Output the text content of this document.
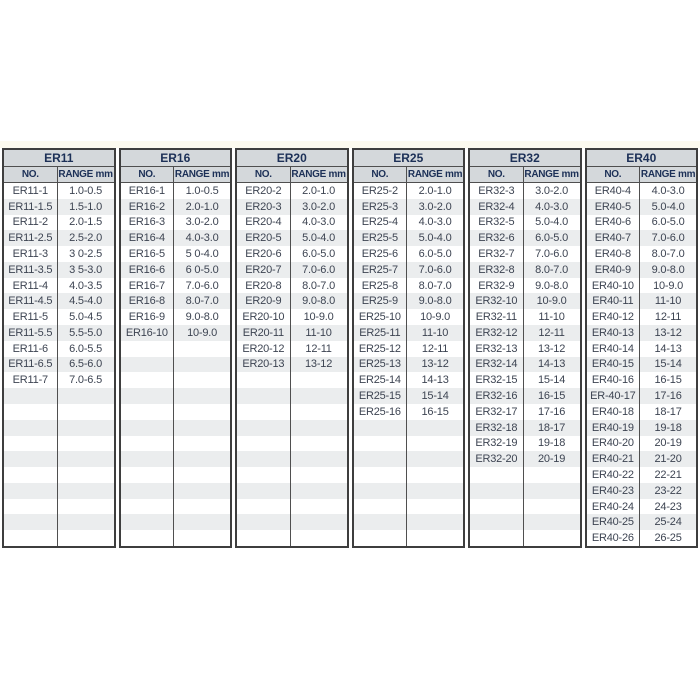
ER11
NO.	RANGE mm
ER11-1	1.0-0.5
ER11-1.5	1.5-1.0
ER11-2	2.0-1.5
ER11-2.5	2.5-2.0
ER11-3	3 0-2.5
ER11-3.5	3 5-3.0
ER11-4	4.0-3.5
ER11-4.5	4.5-4.0
ER11-5	5.0-4.5
ER11-5.5	5.5-5.0
ER11-6	6.0-5.5
ER11-6.5	6.5-6.0
ER11-7	7.0-6.5
ER16
NO.	RANGE mm
ER16-1	1.0-0.5
ER16-2	2.0-1.0
ER16-3	3.0-2.0
ER16-4	4.0-3.0
ER16-5	5 0-4.0
ER16-6	6 0-5.0
ER16-7	7.0-6.0
ER16-8	8.0-7.0
ER16-9	9.0-8.0
ER16-10	10-9.0
ER20
NO.	RANGE mm
ER20-2	2.0-1.0
ER20-3	3.0-2.0
ER20-4	4.0-3.0
ER20-5	5.0-4.0
ER20-6	6.0-5.0
ER20-7	7.0-6.0
ER20-8	8.0-7.0
ER20-9	9.0-8.0
ER20-10	10-9.0
ER20-11	11-10
ER20-12	12-11
ER20-13	13-12
ER25
NO.	RANGE mm
ER25-2	2.0-1.0
ER25-3	3.0-2.0
ER25-4	4.0-3.0
ER25-5	5.0-4.0
ER25-6	6.0-5.0
ER25-7	7.0-6.0
ER25-8	8.0-7.0
ER25-9	9.0-8.0
ER25-10	10-9.0
ER25-11	11-10
ER25-12	12-11
ER25-13	13-12
ER25-14	14-13
ER25-15	15-14
ER25-16	16-15
ER32
NO.	RANGE mm
ER32-3	3.0-2.0
ER32-4	4.0-3.0
ER32-5	5.0-4.0
ER32-6	6.0-5.0
ER32-7	7.0-6.0
ER32-8	8.0-7.0
ER32-9	9.0-8.0
ER32-10	10-9.0
ER32-11	11-10
ER32-12	12-11
ER32-13	13-12
ER32-14	14-13
ER32-15	15-14
ER32-16	16-15
ER32-17	17-16
ER32-18	18-17
ER32-19	19-18
ER32-20	20-19
ER40
NO.	RANGE mm
ER40-4	4.0-3.0
ER40-5	5.0-4.0
ER40-6	6.0-5.0
ER40-7	7.0-6.0
ER40-8	8.0-7.0
ER40-9	9.0-8.0
ER40-10	10-9.0
ER40-11	11-10
ER40-12	12-11
ER40-13	13-12
ER40-14	14-13
ER40-15	15-14
ER40-16	16-15
ER-40-17	17-16
ER40-18	18-17
ER40-19	19-18
ER40-20	20-19
ER40-21	21-20
ER40-22	22-21
ER40-23	23-22
ER40-24	24-23
ER40-25	25-24
ER40-26	26-25
